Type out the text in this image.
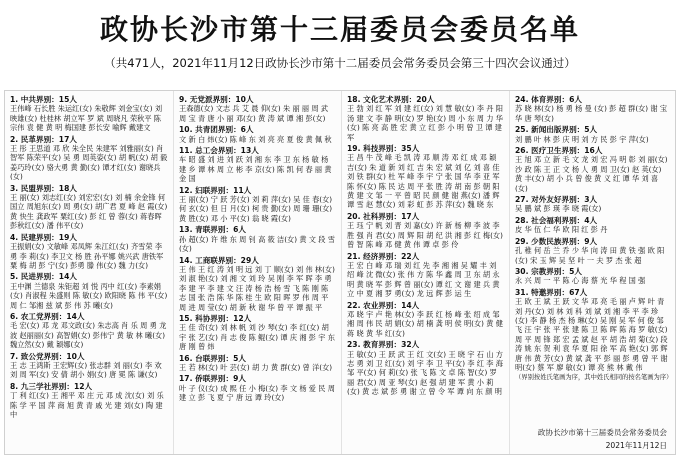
政协长沙市第十三届委员会委员名单
（共471人，2021年11月12日政协长沙市第十二届委员会常务委员会第三十四次会议通过）
1. 中共界别：15人
王伟峰 石长胜 朱运红(女) 朱敬辉 刘金宝(女) 刘映雄(女) 杜桂林 胡立军 罗 斌 周晓凡 荣秋平 陈宗伟 袁 健 黄 明 梅国建 彭长安 喻辉 戴建文
2. 民革界别：17人
王 彤 王思道 邓 欣 朱全民 朱建军 刘雅丽(女) 肖智军 陈荣平(女) 吴 勇 周英姿(女) 胡 帆(女) 胡 毅 姜巧玲(女) 骆大勇 黄 勤(女) 谭才红(女) 谢晓兵(女)
3. 民盟界别：18人
王 丽(女) 刘志红(女) 刘宏宏(女) 刘 楠 余金锋 何国立 周旭东(女) 周 勇(女) 胡广君 夏 峰 赵 霞(女) 黄 快生 龚政军 粟红(女) 彭 红 曾 蓉(女) 蒋春晖 彭秋红(女) 潘 伟平(女)
4. 民建界别：19人
王振娟(女) 文敏峰 邓凤辉 朱江红(女) 齐雪荣 李 勇 李 莉(女) 李卫文 杨 胜 孙平娜 姚兴武 唐铁军 粟 梅 胡 彭 宁(女) 彭勇 滕 伟(女) 魏 力(女)
5. 民进界别：14人
王中渊 兰德泉 朱钜超 刘 悦 丙中 红(女) 李素娟(女) 肖淑程 朱盛则 陈 敏(女) 欧阳晓 陈 伟 平(女) 周 仁 邹湘 兹 斌 彭 伟 苏 曦(女)
6. 农工党界别：14人
毛 宏(女) 邓 龙 邓文政(女) 朱志高 肖 乐 周 勇 龙 波 赵丽丽(女) 高智娟(女) 彭伟宁 黄 敏 林 曦(女) 魏立然(女) 戴 颖娜(女)
7. 致公党界别：10人
王 志 王鸿斯 王宏辉(女) 张志群 刘 丽(女) 李 欢 刘 周 军(女) 安 倩 胡小 娟(女) 唐 冕 陈 谦(女)
8. 九三学社界别：12人
丁 利 红(女) 王 湘平 邓 庄 元 邓 成 沈(女) 刘 乐 陈 学 平 国 萍 商 旭 黄 青 戚 光 建 刘(女) 陶 建 中
9. 无党派界别：10人
王森德(女) 文志 兵 艾 晨 仰(女) 朱 丽 丽 周 武 周 宝 青 唐 小 丽 邓(女) 黄 涛 斌 谭 湘 彭(女)
10. 共青团界别：6人
文 新 白 炜(女) 陈 峰 东 刘 亮 亮 夏 俊 黄 佩 秋
11. 总工会界别：13人
车 昭 盛 刘 进 刘 跃 刘 湘 东 李 卫 东 杨 敏 杨 建 乡 谭 林 周 立 彬 李 京(女) 陈 凯 何 春 丽 黄 金 国
12. 妇联界别：11人
王 丽(女) 宁 跃 芳(女) 刘 莉 萍(女) 吴 佳 春(女) 何 玄(女) 但 日 月(女) 柯 贵 勤(女) 周 珊 珊(女) 黄 胜(女) 邓 小 平(女) 翁 晓 霞(女)
13. 青联界别：6人
孙 超(女) 许 维 东 周 钊 高 筱 洁(女) 黄 文 段 雪(女)
14. 工商联界别：29人
王 伟 王 红 涛 刘 明 远 刘 丁 顺(女) 刘 伟 林(女) 刘 淑 艳(女) 刘 湘 文 刘 玲 吴 刚 李 军 晖 李 勇 李 建 平 李 建 文 汪 涛 杨 浩 杨 雪 飞 陈 刚 陈 志 国 张 浩 陈 华 陈 桂 生 欧 阳 晖 罗 伟 周 平 周 进 周 莹(女) 胡 新 秋 谢 华 曾 平 谭 振 平
15. 科协界别：12人
王 佳 奇(女) 刘 林 帆 刘 沙 琴(女) 李 红(女) 胡 宇 张 艺(女) 肖 志 俊 陈 鲲(女) 谭 庆 湘 彭 宇 东 唐 刚 曾 炜
16. 台联界别：5人
王 若 林(女) 叶 芸(女) 胡 力 黄 群(女) 曾 洋(女)
17. 侨联界别：9人
叶 子 仪(女) 成 熙 任 小 梅(女) 李 文 杨 爱 民 周 建 立 彭 飞 夏 宁 唐 远 谭 玲(女)
18. 文化艺术界别：20人
王 勃 刘 红 军 刘 建 红(女) 刘 慧 敏(女) 李 丹 阳 汤 建 文 李 静 明(女) 罗 艳(女) 周 小 东 周 力 华(女) 陈 亮 高 胜 宏 黄 立 红 彭 小 明 曾 卫 谭 建 军
19. 科技界别：35人
王 昌 牛 茂 峰 毛 凯 涛 邓 顺 涛 邓 红 成 邓 颖 吉(女) 朱 道 新 刘 红 吉 朱 宏 斌 刘 亿 刘 喜 佳 刘 铁 群(女) 杜 军 峰 李 宇 宁 张 国 华 李 亚 军 陈 怀(女) 陈 民 达 周 平 张 胜 涛 胡 南 彭 朝 阳 黄 建 文 邹 一 平 曾 昭 民 颜 健 谢 燕(女) 潘 辉 谭 雪 赵 慧(女) 刘 彩 虹 彭 苏 萍(女) 魏 晓 东
20. 社科界别：17人
王 珏 宁 帆 刘 晋 刘 嘉(女) 许 新 杨 柳 李 波 李 胜 强 肖 君(女) 周 辉 阳 胡 纪 洪 湘 彭 红 梅(女) 曾 智 陈 峰 邓 健 黄 伟 谭 卓 彭 伶
21. 经济界别：22人
王 宏 白 峰 邓 瑞 刘 红 先 李 湘 湘 吴 耀 丰 刘 绍 峰 沈 微(女) 张 伟 方 陈 华 鑫 周 卫 东 胡 永 明 黄 晓 军 彭 辉 曾 丽(女) 谭 红 文 谢 建 兵 黄 立 中 夏 湘 罗 勇(女) 龙 远 辉 彭 运 生
22. 农业界别：14人
邓 晓 宇 卢 艳 林(女) 李 跃 红 杨 峰 张 绍 成 邹 湘 周 伟 民 胡 娟(女) 胡 楠 龚 明 侯 明(女) 黄 健 蒋 晓 黄 华 红(女)
23. 教育界别：32人
王 敏(女) 王 跃 武 王 红 文(女) 王 晓 宇 石 山 方 志 勇 刘 卫 红(女) 刘 宇 李 卫 平(女) 李 红 李 海 邹 平(女) 何 莉(女) 张 飞 陈 文 卓 陈 智(女) 罗 丽 君(女) 周 亚 琴(女) 赵 强 胡 建 军 黄 小 莉(女) 黄 志 斌 彭 勇 谢 立 曾 令 军 谭 向 东 颜 明
24. 体育界别：6人
苏 晓 林(女) 杨 勇 杨 曼 (女) 彭 超 群(女) 谢 宝 华 唐 琴(女)
25. 新闻出版界别：5人
刘 鹏 叶 林 彭 庆 明 刘 方 民 彭 宇 萍(女)
26. 医疗卫生界别：16人
王 旭 邓 立 新 毛 文 龙 刘 宏 冯 明 彰 刘 丽(女) 沙 政 陈 王 正 文 杨 人 勇 周 卫(女) 赵 英(女) 黄 丰(女) 胡 小 兵 曾 俊 黄 义 红 谭 华 刘 喜(女)
27. 对外友好界别：3人
吴 鹏 斌 彭 瑛 李 晓 霞(女)
28. 社会福利界别：4人
皮 华 伍 仁 华 欧 阳 红 彭 丹
29. 少数民族界别：9人
孔 稚 何 岳 兰 乔 少 华 向 涛 田 黄 铁 强 欧 阳(女) 宋 玉 辉 吴 坚 叶 一 夫 罗 杰 张 超
30. 宗教界别：5人
永 兴 周 一 平 陈 心 海 蔡 光 华 程 国 强
31. 特邀界别：67人
王 欧 王 斌 王 跃 文 华 邓 亮 毛 丽 卢 辉 叶 青 刘 丹(女) 刘 林 刘 科 刘 斌 刘 湘 李 平 李 珍(女) 李 静 杨 杰 杨 琳(女) 吴 刚 吴 军 何 俊 邹 飞 汪 宇 张 平 张 建 陈 卫 陈 晖 陈 海 罗 敏(女) 周 平 周 锋 郑 宏 孟 斌 赵 平 胡 浩 胡 菊(女) 段 涛 姚 东 贺 利 袁 华 夏 阳 徐 军 高 艳(女) 郭 辉 唐 伟 黄 芳(女) 黄 斌 龚 平 彭 丽 彭 勇 曾 平 谢 明(女) 蔡 军 廖 敏(女) 谭 亮 熊 林 戴 伟
（界别按姓氏笔画为序，其中姓氏相同的按名笔画为序）
政协长沙市第十三届委员会常务委员会
2021年11月12日
